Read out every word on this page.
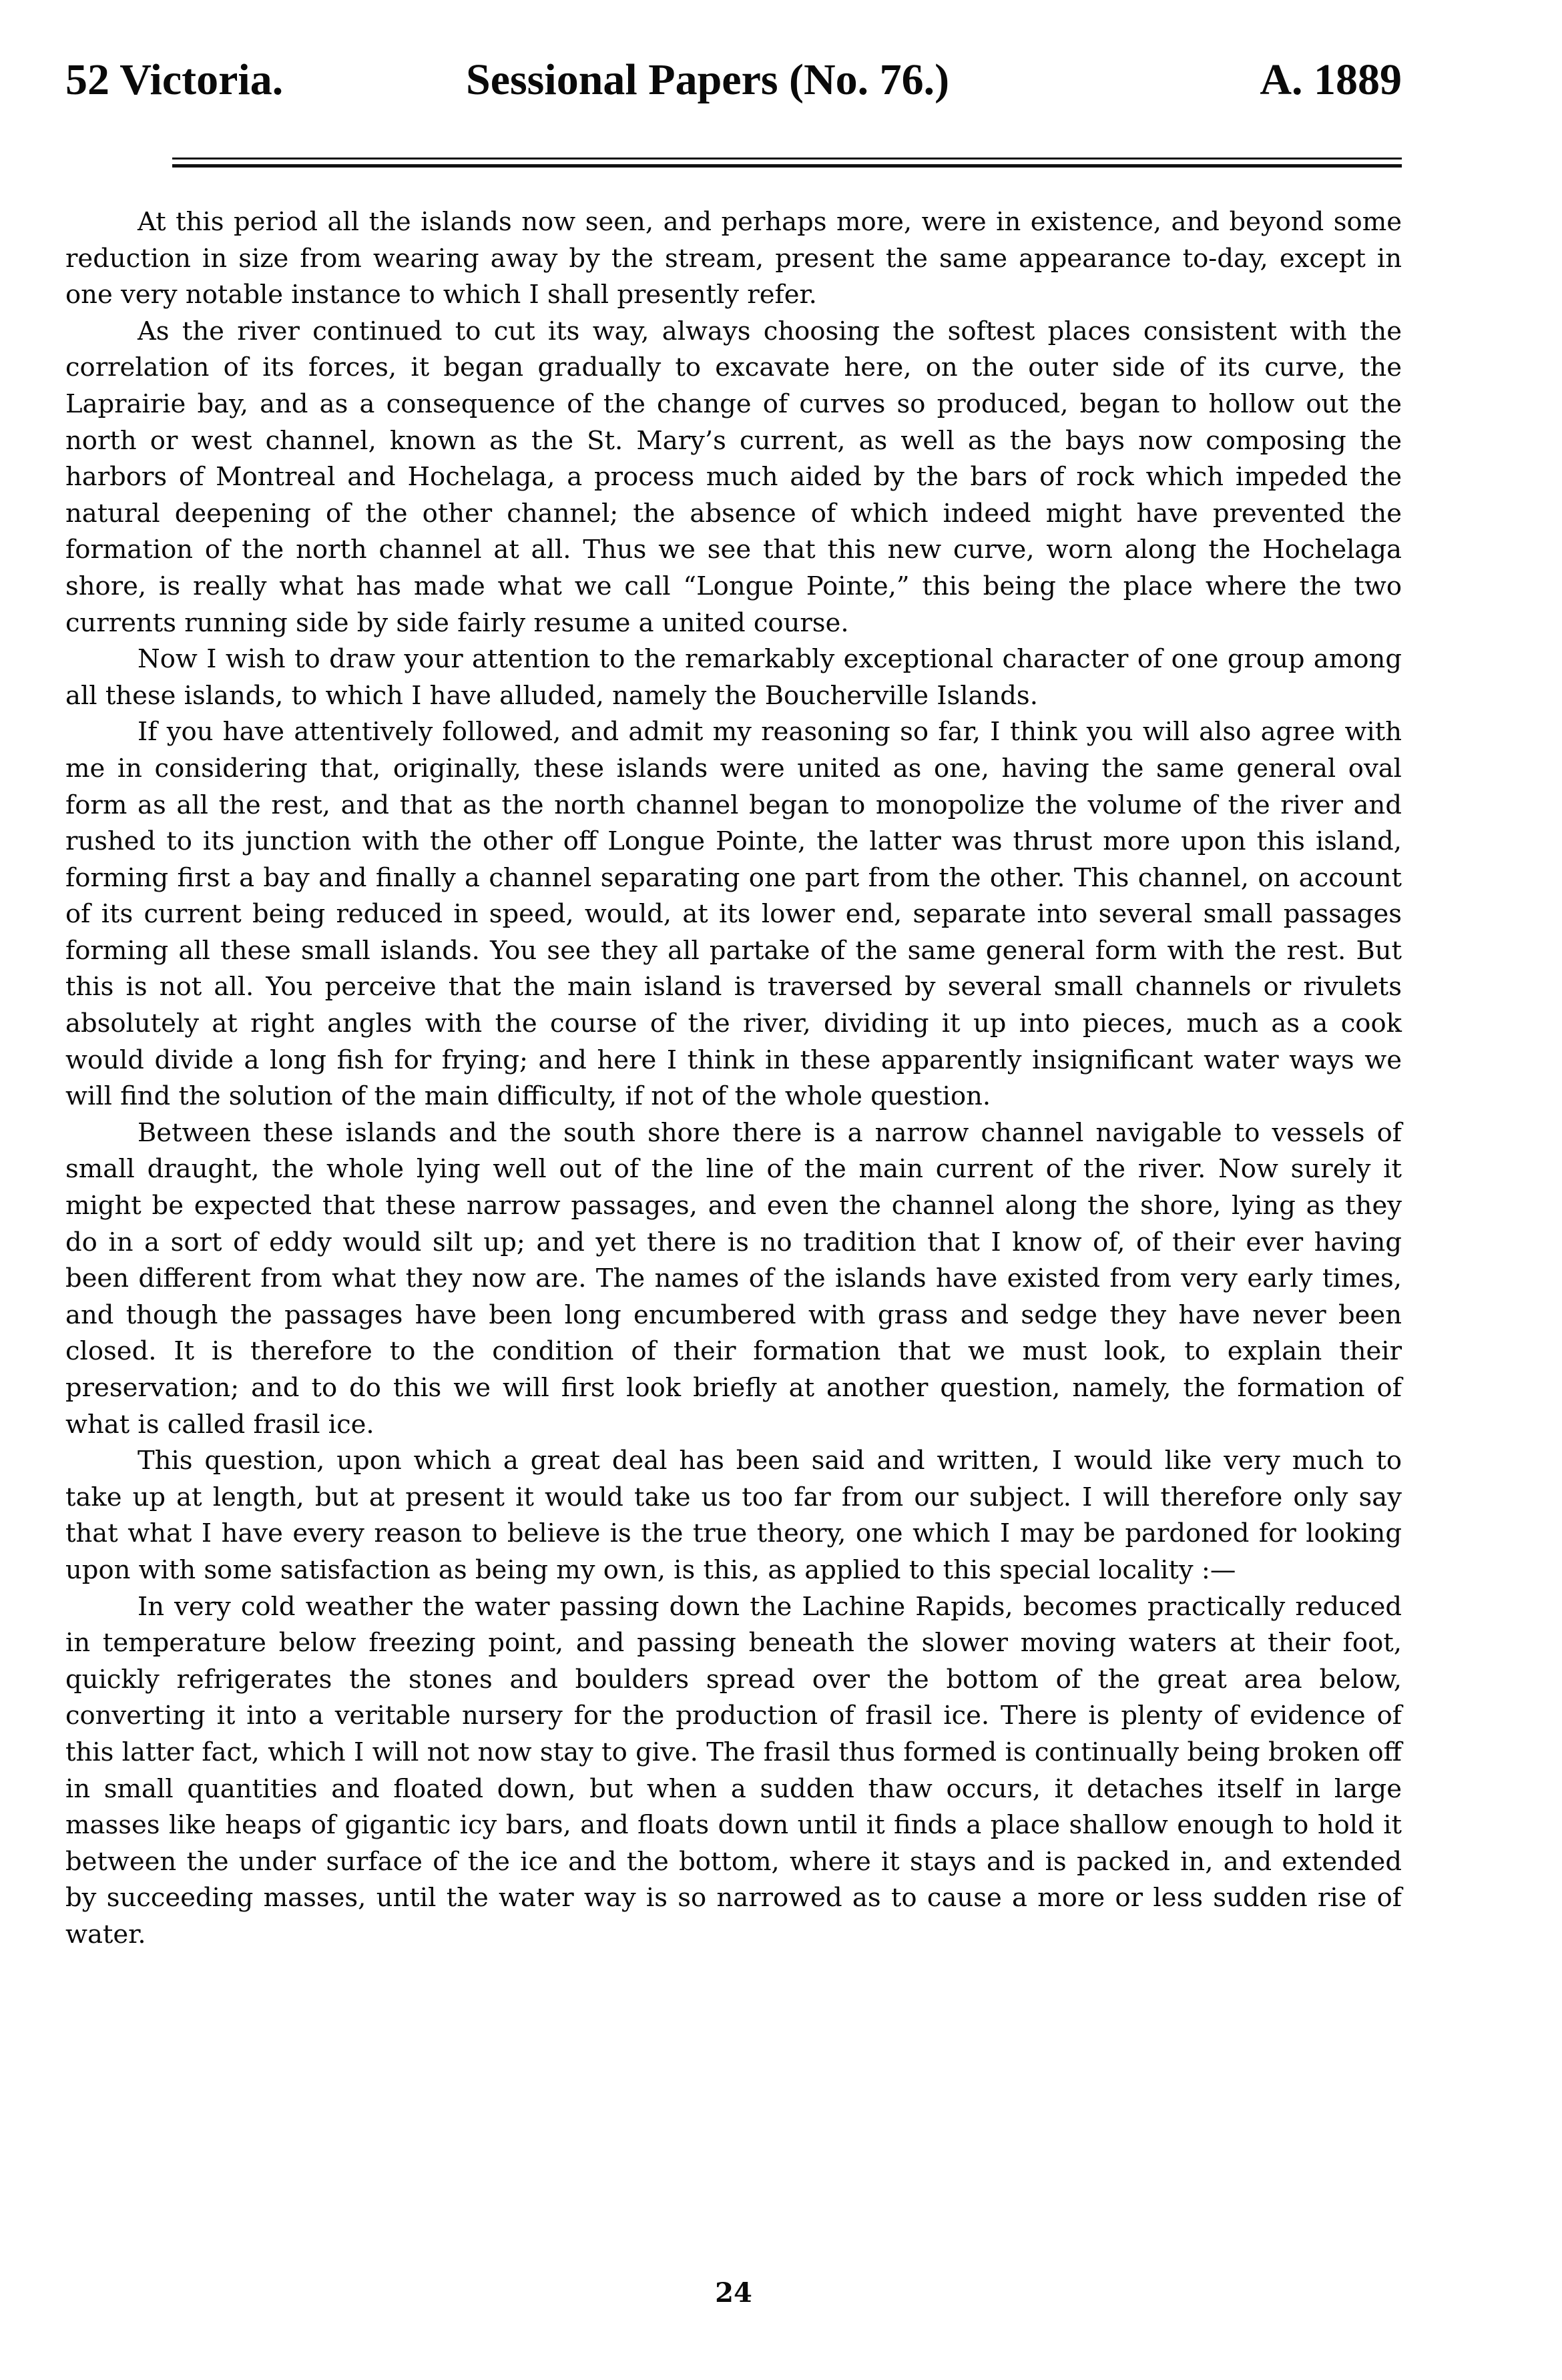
52 Victoria.	Sessional Papers (No. 76.)	A. 1889

At this period all the islands now seen, and perhaps more, were in existence, and beyond some reduction in size from wearing away by the stream, present the same appearance to-day, except in one very notable instance to which I shall presently refer.

As the river continued to cut its way, always choosing the softest places consistent with the correlation of its forces, it began gradually to excavate here, on the outer side of its curve, the Laprairie bay, and as a consequence of the change of curves so produced, began to hollow out the north or west channel, known as the St. Mary’s current, as well as the bays now composing the harbors of Montreal and Hochelaga, a process much aided by the bars of rock which impeded the natural deepening of the other channel; the absence of which indeed might have prevented the formation of the north channel at all. Thus we see that this new curve, worn along the Hochelaga shore, is really what has made what we call “Longue Pointe,” this being the place where the two currents running side by side fairly resume a united course.

Now I wish to draw your attention to the remarkably exceptional character of one group among all these islands, to which I have alluded, namely the Boucherville Islands.

If you have attentively followed, and admit my reasoning so far, I think you will also agree with me in considering that, originally, these islands were united as one, having the same general oval form as all the rest, and that as the north channel began to monopolize the volume of the river and rushed to its junction with the other off Longue Pointe, the latter was thrust more upon this island, forming first a bay and finally a channel separating one part from the other. This channel, on account of its current being reduced in speed, would, at its lower end, separate into several small passages forming all these small islands. You see they all partake of the same general form with the rest. But this is not all. You perceive that the main island is traversed by several small channels or rivulets absolutely at right angles with the course of the river, dividing it up into pieces, much as a cook would divide a long fish for frying; and here I think in these apparently insignificant water ways we will find the solution of the main difficulty, if not of the whole question.

Between these islands and the south shore there is a narrow channel navigable to vessels of small draught, the whole lying well out of the line of the main current of the river. Now surely it might be expected that these narrow passages, and even the channel along the shore, lying as they do in a sort of eddy would silt up; and yet there is no tradition that I know of, of their ever having been different from what they now are. The names of the islands have existed from very early times, and though the passages have been long encumbered with grass and sedge they have never been closed. It is therefore to the condition of their formation that we must look, to explain their preservation; and to do this we will first look briefly at another question, namely, the formation of what is called frasil ice.

This question, upon which a great deal has been said and written, I would like very much to take up at length, but at present it would take us too far from our subject. I will therefore only say that what I have every reason to believe is the true theory, one which I may be pardoned for looking upon with some satisfaction as being my own, is this, as applied to this special locality :—

In very cold weather the water passing down the Lachine Rapids, becomes practically reduced in temperature below freezing point, and passing beneath the slower moving waters at their foot, quickly refrigerates the stones and boulders spread over the bottom of the great area below, converting it into a veritable nursery for the production of frasil ice. There is plenty of evidence of this latter fact, which I will not now stay to give. The frasil thus formed is continually being broken off in small quantities and floated down, but when a sudden thaw occurs, it detaches itself in large masses like heaps of gigantic icy bars, and floats down until it finds a place shallow enough to hold it between the under surface of the ice and the bottom, where it stays and is packed in, and extended by succeeding masses, until the water way is so narrowed as to cause a more or less sudden rise of water.

24
